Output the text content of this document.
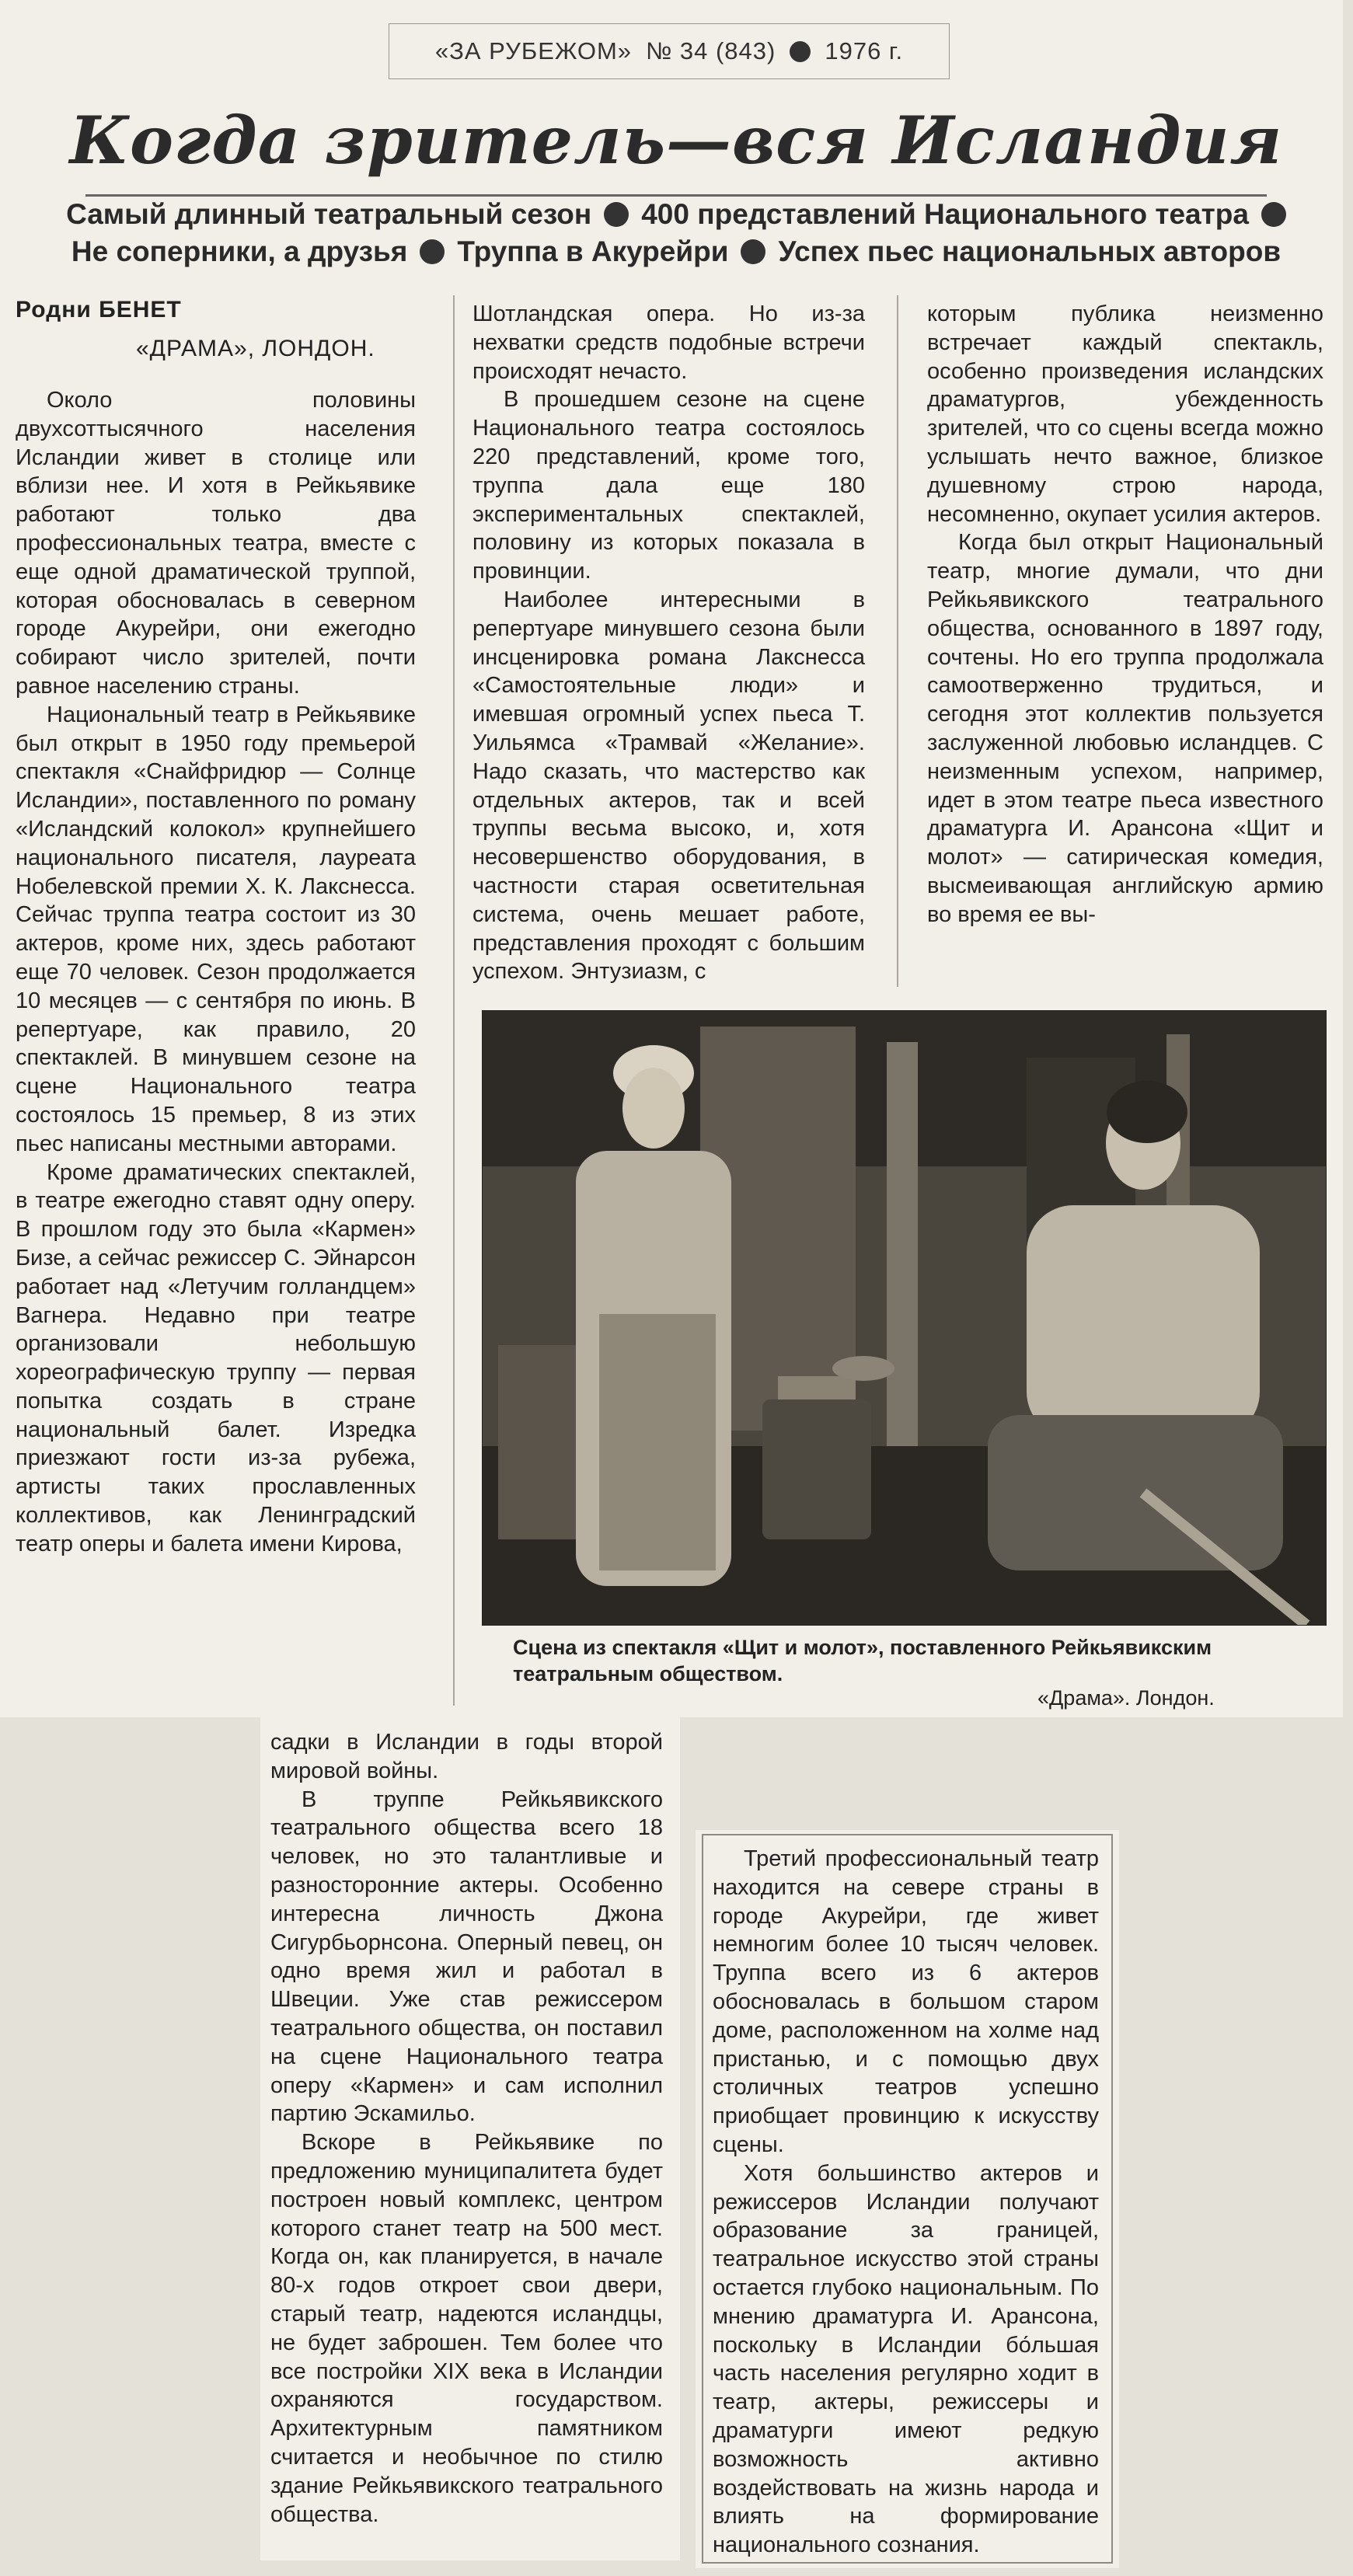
«ЗА РУБЕЖОМ» № 34 (843) 1976 г.
Когда зритель—вся Исландия
Самый длинный театральный сезон 400 представлений Национального театра
Не соперники, а друзья Труппа в Акурейри Успех пьес национальных авторов
Родни БЕНЕТ
«ДРАМА», ЛОНДОН.

Около половины двухсоттысячного населения Исландии живет в столице или вблизи нее. И хотя в Рейкьявике работают только два профессиональных театра, вместе с еще одной драматической труппой, которая обосновалась в северном городе Акурейри, они ежегодно собирают число зрителей, почти равное населению страны.

Национальный театр в Рейкьявике был открыт в 1950 году премьерой спектакля «Снайфридюр — Солнце Исландии», поставленного по роману «Исландский колокол» крупнейшего национального писателя, лауреата Нобелевской премии Х. К. Лакснесса. Сейчас труппа театра состоит из 30 актеров, кроме них, здесь работают еще 70 человек. Сезон продолжается 10 месяцев — с сентября по июнь. В репертуаре, как правило, 20 спектаклей. В минувшем сезоне на сцене Национального театра состоялось 15 премьер, 8 из этих пьес написаны местными авторами.

Кроме драматических спектаклей, в театре ежегодно ставят одну оперу. В прошлом году это была «Кармен» Бизе, а сейчас режиссер С. Эйнарсон работает над «Летучим голландцем» Вагнера. Недавно при театре организовали небольшую хореографическую труппу — первая попытка создать в стране национальный балет. Изредка приезжают гости из-за рубежа, артисты таких прославленных коллективов, как Ленинградский театр оперы и балета имени Кирова,

Шотландская опера. Но из-за нехватки средств подобные встречи происходят нечасто.

В прошедшем сезоне на сцене Национального театра состоялось 220 представлений, кроме того, труппа дала еще 180 экспериментальных спектаклей, половину из которых показала в провинции.

Наиболее интересными в репертуаре минувшего сезона были инсценировка романа Лакснесса «Самостоятельные люди» и имевшая огромный успех пьеса Т. Уильямса «Трамвай «Желание». Надо сказать, что мастерство как отдельных актеров, так и всей труппы весьма высоко, и, хотя несовершенство оборудования, в частности старая осветительная система, очень мешает работе, представления проходят с большим успехом. Энтузиазм, с

которым публика неизменно встречает каждый спектакль, особенно произведения исландских драматургов, убежденность зрителей, что со сцены всегда можно услышать нечто важное, близкое душевному строю народа, несомненно, окупает усилия актеров.

Когда был открыт Национальный театр, многие думали, что дни Рейкьявикского театрального общества, основанного в 1897 году, сочтены. Но его труппа продолжала самоотверженно трудиться, и сегодня этот коллектив пользуется заслуженной любовью исландцев. С неизменным успехом, например, идет в этом театре пьеса известного драматурга И. Арансона «Щит и молот» — сатирическая комедия, высмеивающая английскую армию во время ее вы-

Сцена из спектакля «Щит и молот», поставленного Рейкьявикским театральным обществом.
«Драма». Лондон.

садки в Исландии в годы второй мировой войны.

В труппе Рейкьявикского театрального общества всего 18 человек, но это талантливые и разносторонние актеры. Особенно интересна личность Джона Сигурбьорнсона. Оперный певец, он одно время жил и работал в Швеции. Уже став режиссером театрального общества, он поставил на сцене Национального театра оперу «Кармен» и сам исполнил партию Эскамильо.

Вскоре в Рейкьявике по предложению муниципалитета будет построен новый комплекс, центром которого станет театр на 500 мест. Когда он, как планируется, в начале 80-х годов откроет свои двери, старый театр, надеются исландцы, не будет заброшен. Тем более что все постройки XIX века в Исландии охраняются государством. Архитектурным памятником считается и необычное по стилю здание Рейкьявикского театрального общества.

Третий профессиональный театр находится на севере страны в городе Акурейри, где живет немногим более 10 тысяч человек. Труппа всего из 6 актеров обосновалась в большом старом доме, расположенном на холме над пристанью, и с помощью двух столичных театров успешно приобщает провинцию к искусству сцены.

Хотя большинство актеров и режиссеров Исландии получают образование за границей, театральное искусство этой страны остается глубоко национальным. По мнению драматурга И. Арансона, поскольку в Исландии бо́льшая часть населения регулярно ходит в театр, актеры, режиссеры и драматурги имеют редкую возможность активно воздействовать на жизнь народа и влиять на формирование национального сознания.
